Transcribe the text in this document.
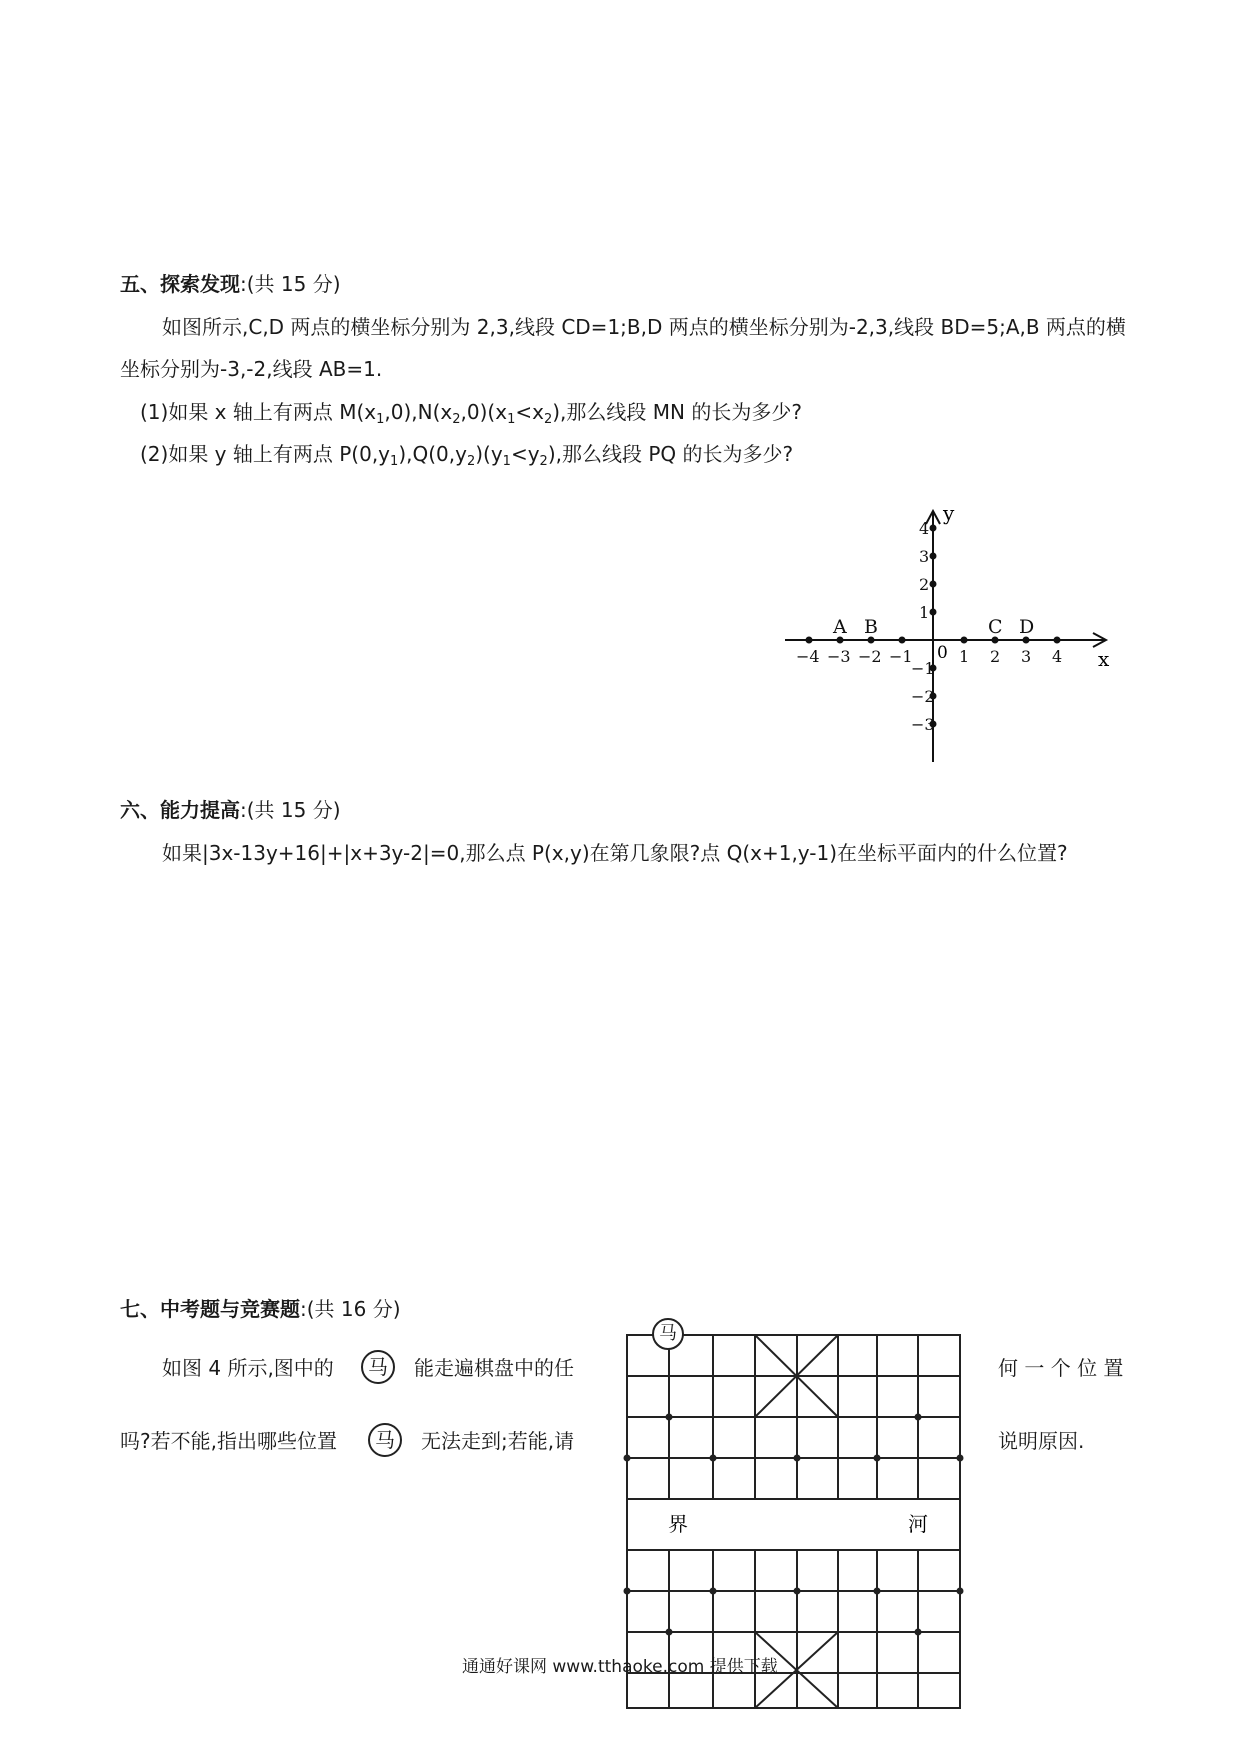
五、探索发现:(共 15 分)
如图所示,C,D 两点的横坐标分别为 2,3,线段 CD=1;B,D 两点的横坐标分别为-2,3,线段 BD=5;A,B 两点的横
坐标分别为-3,-2,线段 AB=1.
(1)如果 x 轴上有两点 $M(x_1,0),N(x_2,0)(x_1<x_2)$,那么线段 MN 的长为多少?
(2)如果 y 轴上有两点 $P(0,y_1),Q(0,y_2)(y_1<y_2)$,那么线段 PQ 的长为多少?
x
y
0
−4 −3 −2 −1	1 2 3 4
−3
−2
−1
1
2
3
4
A B	C D
六、能力提高:(共 15 分)
如果|3x-13y+16|+|x+3y-2|=0,那么点 P(x,y)在第几象限?点 Q(x+1,y-1)在坐标平面内的什么位置?
七、中考题与竞赛题:(共 16 分)
如图 4 所示,图中的	马	能走遍棋盘中的任	何 一 个 位 置
吗?若不能,指出哪些位置	马	无法走到;若能,请	说明原因.
界	河
马
通通好课网 www.tthaoke.com 提供下载
